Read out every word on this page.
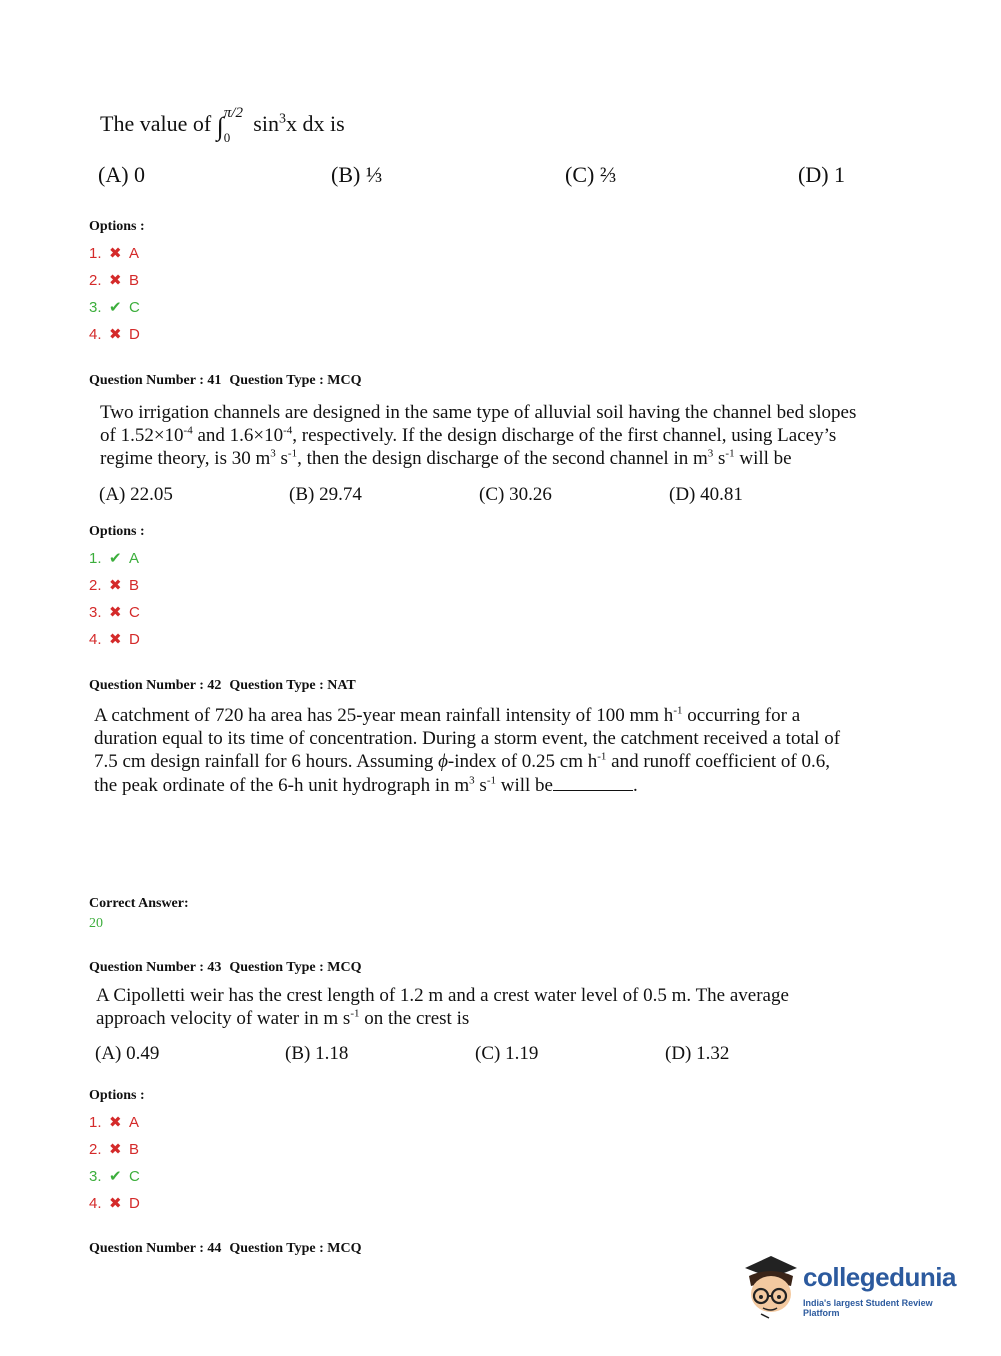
The value of ∫ π/2
0
$\sin^3x$ dx is
(A) 0	(B) ⅓	(C) ⅔	(D) 1
Options :
1. ✖ A
2. ✖ B
3. ✔ C
4. ✖ D
Question Number : 41 Question Type : MCQ
Two irrigation channels are designed in the same type of alluvial soil having the channel bed slopes
of $1.52\times 10^{-4}$ and $1.6\times 10^{-4}$, respectively. If the design discharge of the first channel, using Lacey’s
regime theory, is 30 $m^3$ $s^{-1}$, then the design discharge of the second channel in $m^3$ $s^{-1}$ will be
(A) 22.05	(B) 29.74	(C) 30.26	(D) 40.81
Options :
1. ✔ A
2. ✖ B
3. ✖ C
4. ✖ D
Question Number : 42 Question Type : NAT
A catchment of 720 ha area has 25-year mean rainfall intensity of 100 mm $h^{-1}$ occurring for a
duration equal to its time of concentration. During a storm event, the catchment received a total of
7.5 cm design rainfall for 6 hours. Assuming ϕ-index of 0.25 cm $h^{-1}$ and runoff coefficient of 0.6,
the peak ordinate of the 6-h unit hydrograph in $m^3$ $s^{-1}$ will be	.
Correct Answer:
20
Question Number : 43 Question Type : MCQ
A Cipolletti weir has the crest length of 1.2 m and a crest water level of 0.5 m. The average
approach velocity of water in m $s^{-1}$ on the crest is
(A) 0.49	(B) 1.18	(C) 1.19	(D) 1.32
Options :
1. ✖ A
2. ✖ B
3. ✔ C
4. ✖ D
Question Number : 44 Question Type : MCQ
collegedunia
India's largest Student Review Platform
